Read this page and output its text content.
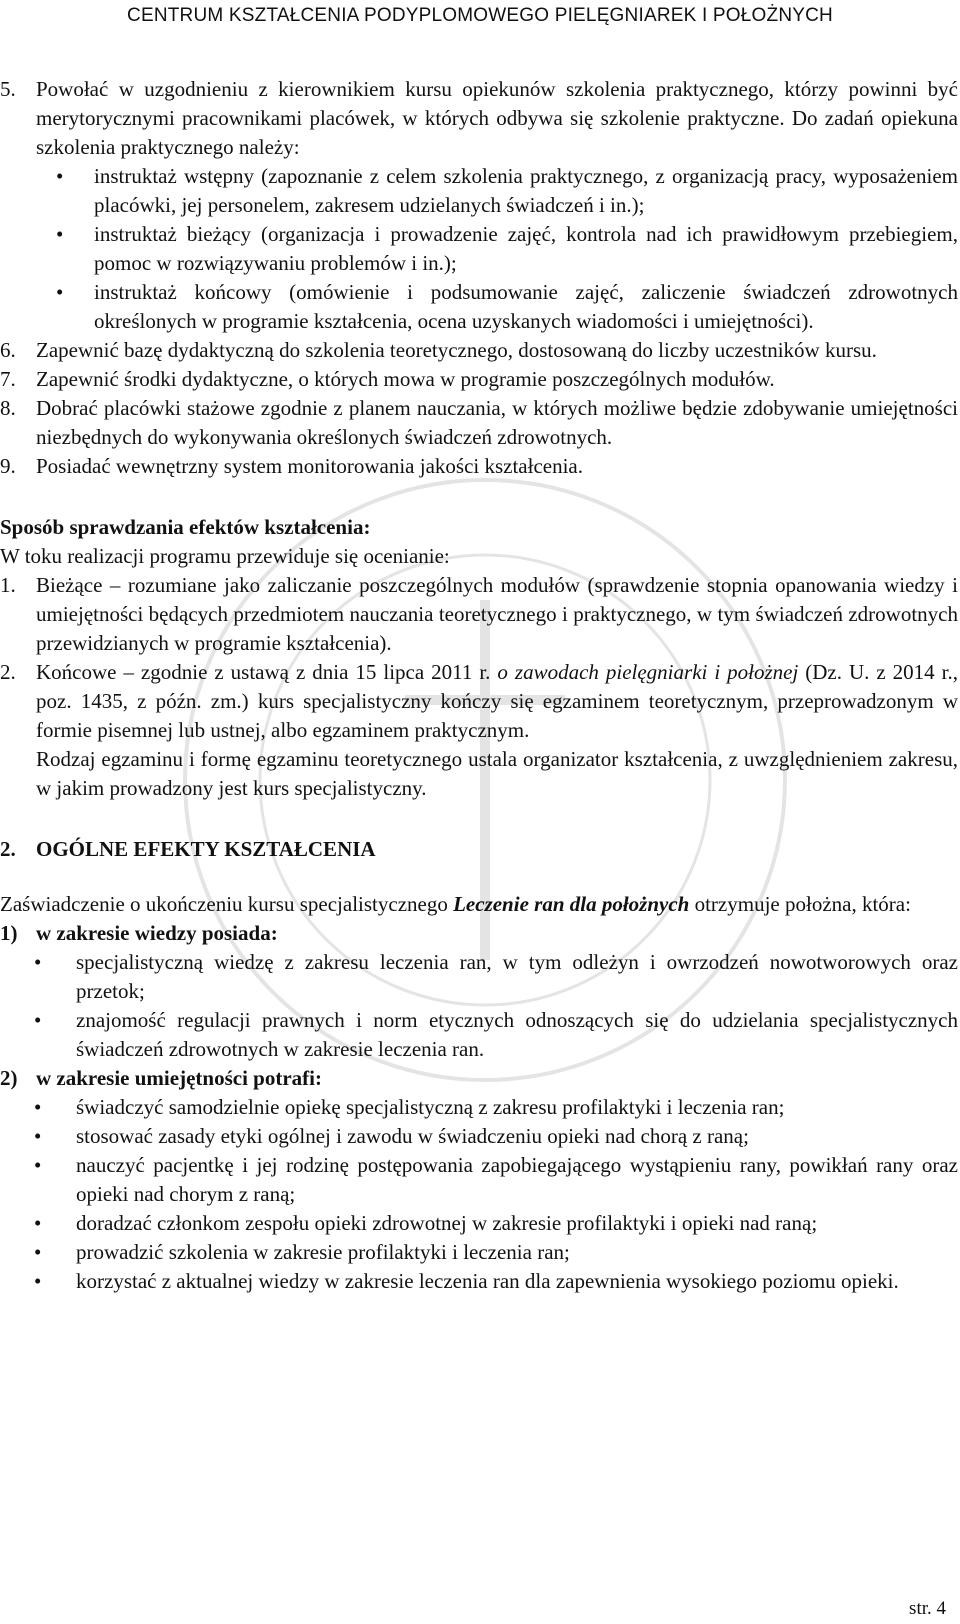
CENTRUM KSZTAŁCENIA PODYPLOMOWEGO PIELĘGNIAREK I POŁOŻNYCH
5. Powołać w uzgodnieniu z kierownikiem kursu opiekunów szkolenia praktycznego, którzy powinni być merytorycznymi pracownikami placówek, w których odbywa się szkolenie praktyczne. Do zadań opiekuna szkolenia praktycznego należy:
•	instruktaż wstępny (zapoznanie z celem szkolenia praktycznego, z organizacją pracy, wyposażeniem placówki, jej personelem, zakresem udzielanych świadczeń i in.);
•	instruktaż bieżący (organizacja i prowadzenie zajęć, kontrola nad ich prawidłowym przebiegiem, pomoc w rozwiązywaniu problemów i in.);
•	instruktaż końcowy (omówienie i podsumowanie zajęć, zaliczenie świadczeń zdrowotnych określonych w programie kształcenia, ocena uzyskanych wiadomości i umiejętności).
6. Zapewnić bazę dydaktyczną do szkolenia teoretycznego, dostosowaną do liczby uczestników kursu.
7. Zapewnić środki dydaktyczne, o których mowa w programie poszczególnych modułów.
8. Dobrać placówki stażowe zgodnie z planem nauczania, w których możliwe będzie zdobywanie umiejętności niezbędnych do wykonywania określonych świadczeń zdrowotnych.
9. Posiadać wewnętrzny system monitorowania jakości kształcenia.

Sposób sprawdzania efektów kształcenia:

W toku realizacji programu przewiduje się ocenianie:

1. Bieżące – rozumiane jako zaliczanie poszczególnych modułów (sprawdzenie stopnia opanowania wiedzy i umiejętności będących przedmiotem nauczania teoretycznego i praktycznego, w tym świadczeń zdrowotnych przewidzianych w programie kształcenia).
2. Końcowe – zgodnie z ustawą z dnia 15 lipca 2011 r. o zawodach pielęgniarki i położnej (Dz. U. z 2014 r., poz. 1435, z późn. zm.) kurs specjalistyczny kończy się egzaminem teoretycznym, przeprowadzonym w formie pisemnej lub ustnej, albo egzaminem praktycznym.

Rodzaj egzaminu i formę egzaminu teoretycznego ustala organizator kształcenia, z uwzględnieniem zakresu, w jakim prowadzony jest kurs specjalistyczny.

2. OGÓLNE EFEKTY KSZTAŁCENIA

Zaświadczenie o ukończeniu kursu specjalistycznego Leczenie ran dla położnych otrzymuje położna, która:

1) w zakresie wiedzy posiada:
•	specjalistyczną wiedzę z zakresu leczenia ran, w tym odleżyn i owrzodzeń nowotworowych oraz przetok;
•	znajomość regulacji prawnych i norm etycznych odnoszących się do udzielania specjalistycznych świadczeń zdrowotnych w zakresie leczenia ran.
2) w zakresie umiejętności potrafi:
•	świadczyć samodzielnie opiekę specjalistyczną z zakresu profilaktyki i leczenia ran;
•	stosować zasady etyki ogólnej i zawodu w świadczeniu opieki nad chorą z raną;
•	nauczyć pacjentkę i jej rodzinę postępowania zapobiegającego wystąpieniu rany, powikłań rany oraz opieki nad chorym z raną;
•	doradzać członkom zespołu opieki zdrowotnej w zakresie profilaktyki i opieki nad raną;
•	prowadzić szkolenia w zakresie profilaktyki i leczenia ran;
•	korzystać z aktualnej wiedzy w zakresie leczenia ran dla zapewnienia wysokiego poziomu opieki.
str. 4
